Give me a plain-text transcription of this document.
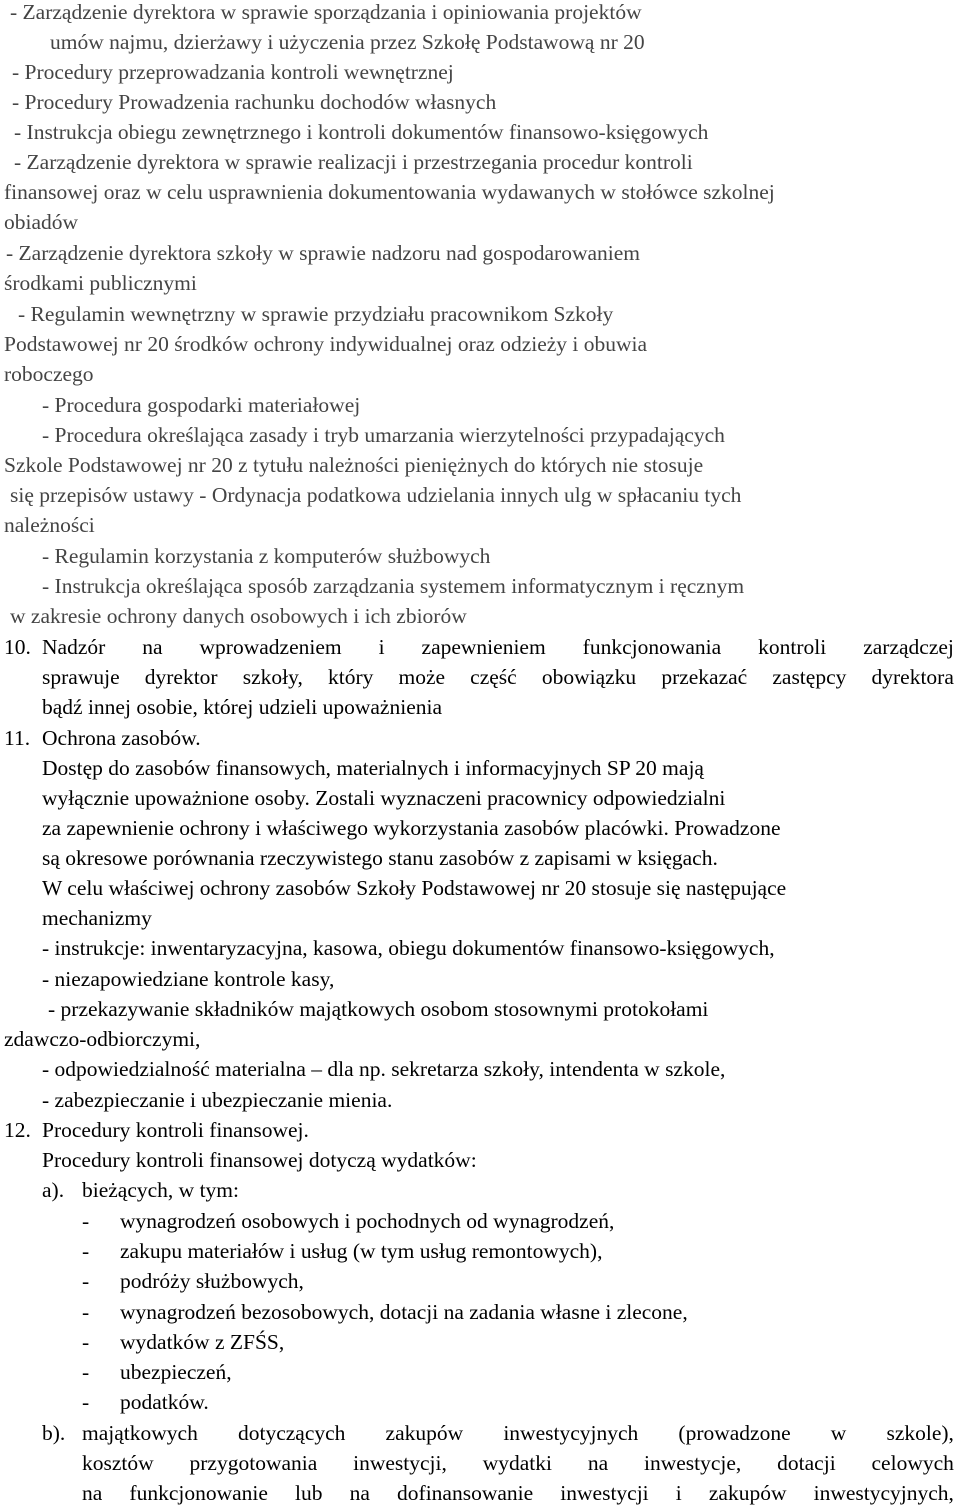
- Zarządzenie dyrektora w sprawie sporządzania i opiniowania projektów
umów najmu, dzierżawy i użyczenia przez Szkołę Podstawową nr 20
- Procedury przeprowadzania kontroli wewnętrznej
- Procedury Prowadzenia rachunku dochodów własnych
- Instrukcja obiegu zewnętrznego i kontroli dokumentów finansowo-księgowych
- Zarządzenie dyrektora w sprawie realizacji i przestrzegania procedur kontroli
finansowej oraz w celu usprawnienia dokumentowania wydawanych w stołówce szkolnej
obiadów
- Zarządzenie dyrektora szkoły w sprawie nadzoru nad gospodarowaniem
środkami publicznymi
- Regulamin wewnętrzny w sprawie przydziału pracownikom Szkoły
Podstawowej nr 20 środków ochrony indywidualnej oraz odzieży i obuwia
roboczego
- Procedura gospodarki materiałowej
- Procedura określająca zasady i tryb umarzania wierzytelności przypadających
Szkole Podstawowej nr 20 z tytułu należności pieniężnych do których nie stosuje
się przepisów ustawy - Ordynacja podatkowa udzielania innych ulg w spłacaniu tych
należności
- Regulamin korzystania z komputerów służbowych
- Instrukcja określająca sposób zarządzania systemem informatycznym i ręcznym
w zakresie ochrony danych osobowych i ich zbiorów
10. Nadzór na wprowadzeniem i zapewnieniem funkcjonowania kontroli zarządczej
sprawuje dyrektor szkoły, który może część obowiązku przekazać zastępcy dyrektora
bądź innej osobie, której udzieli upoważnienia
11. Ochrona zasobów.
Dostęp do zasobów finansowych, materialnych i informacyjnych SP 20 mają
wyłącznie upoważnione osoby. Zostali wyznaczeni pracownicy odpowiedzialni
za zapewnienie ochrony i właściwego wykorzystania zasobów placówki. Prowadzone
są okresowe porównania rzeczywistego stanu zasobów z zapisami w księgach.
W celu właściwej ochrony zasobów Szkoły Podstawowej nr 20 stosuje się następujące
mechanizmy
- instrukcje: inwentaryzacyjna, kasowa, obiegu dokumentów finansowo-księgowych,
- niezapowiedziane kontrole kasy,
- przekazywanie składników majątkowych osobom stosownymi protokołami
zdawczo-odbiorczymi,
- odpowiedzialność materialna – dla np. sekretarza szkoły, intendenta w szkole,
- zabezpieczanie i ubezpieczanie mienia.
12. Procedury kontroli finansowej.
Procedury kontroli finansowej dotyczą wydatków:
a). bieżących, w tym:
- wynagrodzeń osobowych i pochodnych od wynagrodzeń,
- zakupu materiałów i usług (w tym usług remontowych),
- podróży służbowych,
- wynagrodzeń bezosobowych, dotacji na zadania własne i zlecone,
- wydatków z ZFŚS,
- ubezpieczeń,
- podatków.
b). majątkowych dotyczących zakupów inwestycyjnych (prowadzone w szkole),
kosztów przygotowania inwestycji, wydatki na inwestycje, dotacji celowych
na funkcjonowanie lub na dofinansowanie inwestycji i zakupów inwestycyjnych,
